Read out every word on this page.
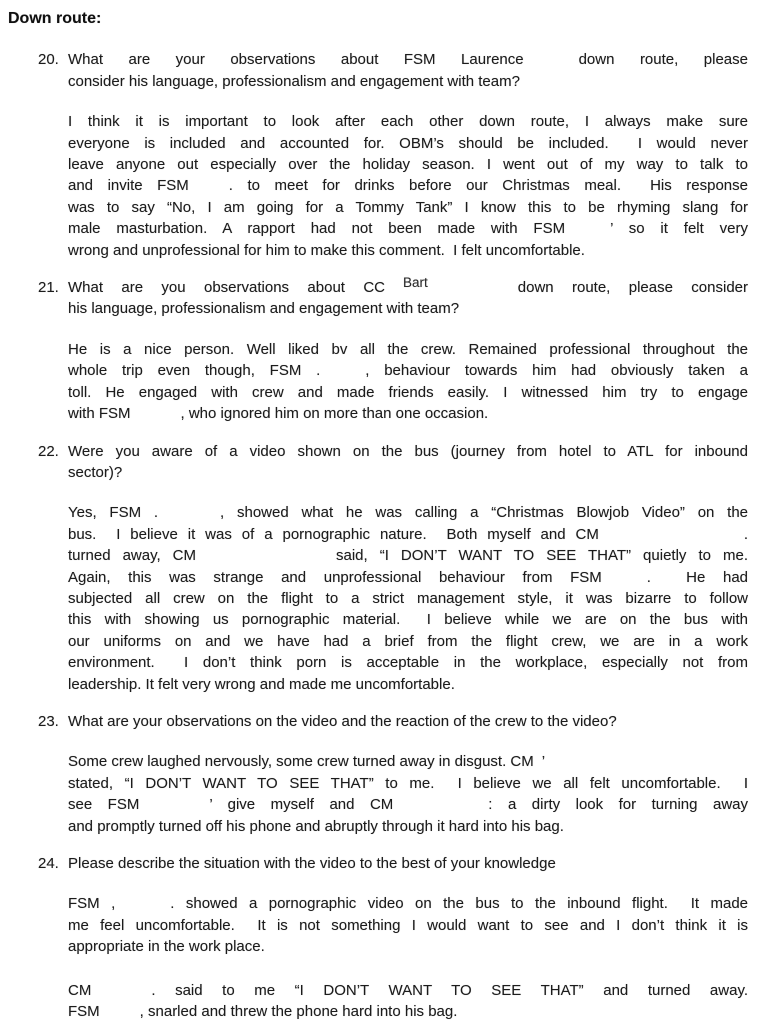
Down route:
20. What are your observations about FSM Laurence	down route, please
consider his language, professionalism and engagement with team?
I think it is important to look after each other down route, I always make sure
everyone is included and accounted for. OBM’s should be included.  I would never
leave anyone out especially over the holiday season. I went out of my way to talk to
and invite FSM	. to meet for drinks before our Christmas meal.  His response
was to say “No, I am going for a Tommy Tank” I know this to be rhyming slang for
male masturbation. A rapport had not been made with FSM	’ so it felt very
wrong and unprofessional for him to make this comment.  I felt uncomfortable.
21. What are you observations about CC Bart	down route, please consider
his language, professionalism and engagement with team?
He is a nice person. Well liked bv all the crew. Remained professional throughout the
whole trip even though, FSM .	, behaviour towards him had obviously taken a
toll. He engaged with crew and made friends easily. I witnessed him try to engage
with FSM	, who ignored him on more than one occasion.
22. Were you aware of a video shown on the bus (journey from hotel to ATL for inbound
sector)?
Yes, FSM .	, showed what he was calling a “Christmas Blowjob Video” on the
bus.  I believe it was of a pornographic nature.  Both myself and CM	.
turned away, CM	said, “I DON’T WANT TO SEE THAT” quietly to me.
Again, this was strange and unprofessional behaviour from FSM	.  He had
subjected all crew on the flight to a strict management style, it was bizarre to follow
this with showing us pornographic material.  I believe while we are on the bus with
our uniforms on and we have had a brief from the flight crew, we are in a work
environment.  I don’t think porn is acceptable in the workplace, especially not from
leadership. It felt very wrong and made me uncomfortable.
23. What are your observations on the video and the reaction of the crew to the video?
Some crew laughed nervously, some crew turned away in disgust. CM ’
stated, “I DON’T WANT TO SEE THAT” to me.  I believe we all felt uncomfortable.  I
see FSM	’ give myself and CM	: a dirty look for turning away
and promptly turned off his phone and abruptly through it hard into his bag.
24. Please describe the situation with the video to the best of your knowledge
FSM ,	. showed a pornographic video on the bus to the inbound flight.  It made
me feel uncomfortable.  It is not something I would want to see and I don’t think it is
appropriate in the work place.
CM	. said to me “I DON’T WANT TO SEE THAT” and turned away.
FSM	, snarled and threw the phone hard into his bag.
